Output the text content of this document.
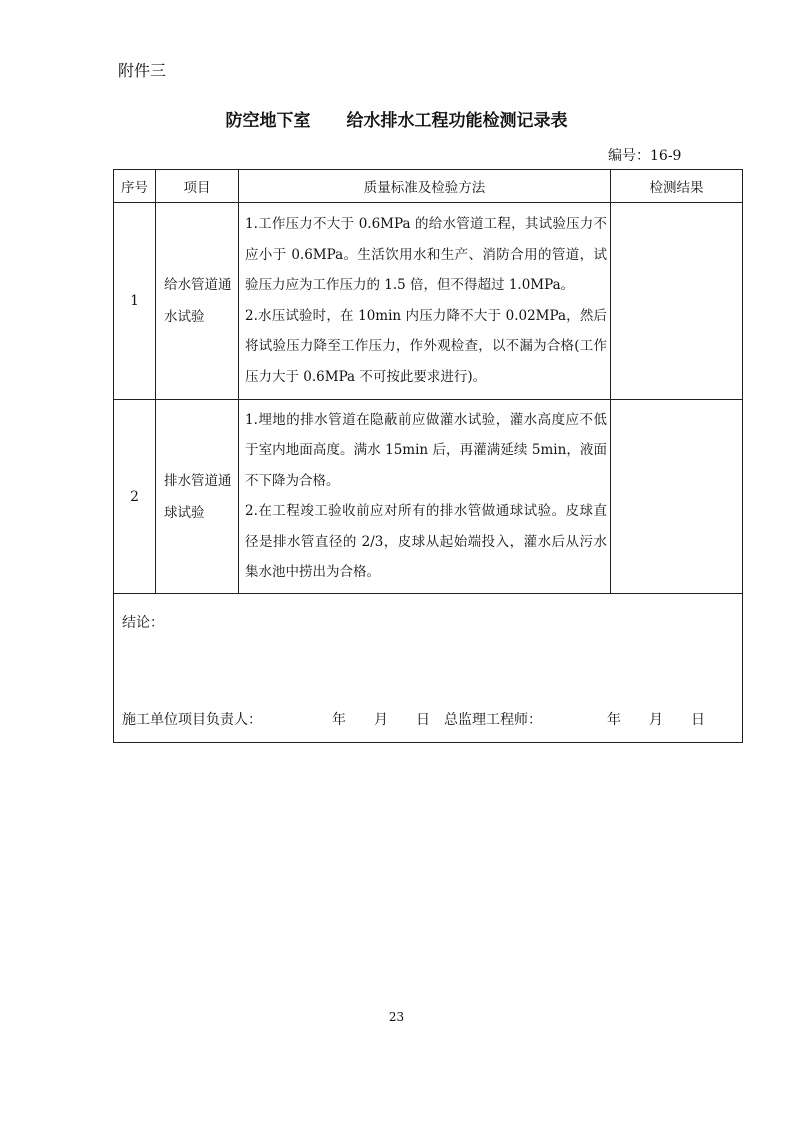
附件三
防空地下室 给水排水工程功能检测记录表
编号：16-9
序号	项目	质量标准及检验方法	检测结果
1	给水管道通水试验	1.工作压力不大于 0.6MPa 的给水管道工程，其试验压力不应小于 0.6MPa。生活饮用水和生产、消防合用的管道，试验压力应为工作压力的 1.5 倍，但不得超过 1.0MPa。

2.水压试验时，在 10min 内压力降不大于 0.02MPa，然后将试验压力降至工作压力，作外观检查，以不漏为合格(工作压力大于 0.6MPa 不可按此要求进行)。	

2	排水管道通球试验	1.埋地的排水管道在隐蔽前应做灌水试验，灌水高度应不低于室内地面高度。满水 15min 后，再灌满延续 5min，液面不下降为合格。

2.在工程竣工验收前应对所有的排水管做通球试验。皮球直径是排水管直径的 2/3，皮球从起始端投入，灌水后从污水集水池中捞出为合格。	

结论：
施工单位项目负责人： 年 月 日 总监理工程师： 年 月 日			
23
